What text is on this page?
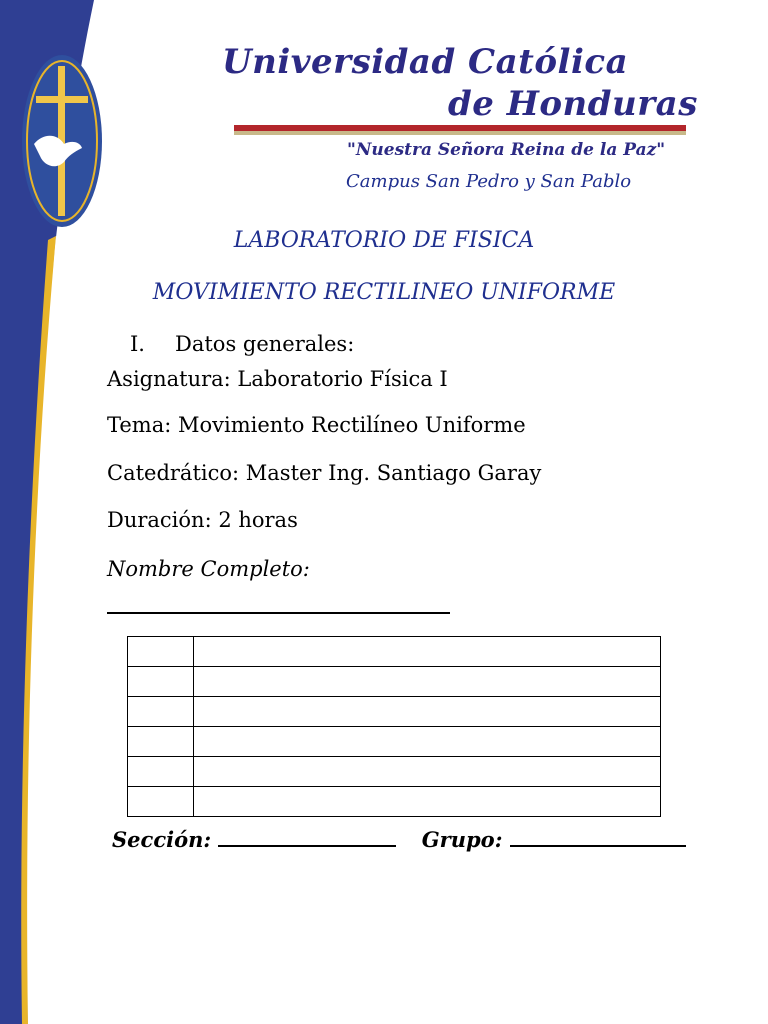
Universidad Católica
de Honduras
"Nuestra Señora Reina de la Paz"
Campus San Pedro y San Pablo
LABORATORIO DE FISICA
MOVIMIENTO RECTILINEO UNIFORME
I. Datos generales:
Asignatura: Laboratorio Física I
Tema: Movimiento Rectilíneo Uniforme
Catedrático: Master Ing. Santiago Garay
Duración: 2 horas
Nombre Completo:

Sección:	Grupo:
